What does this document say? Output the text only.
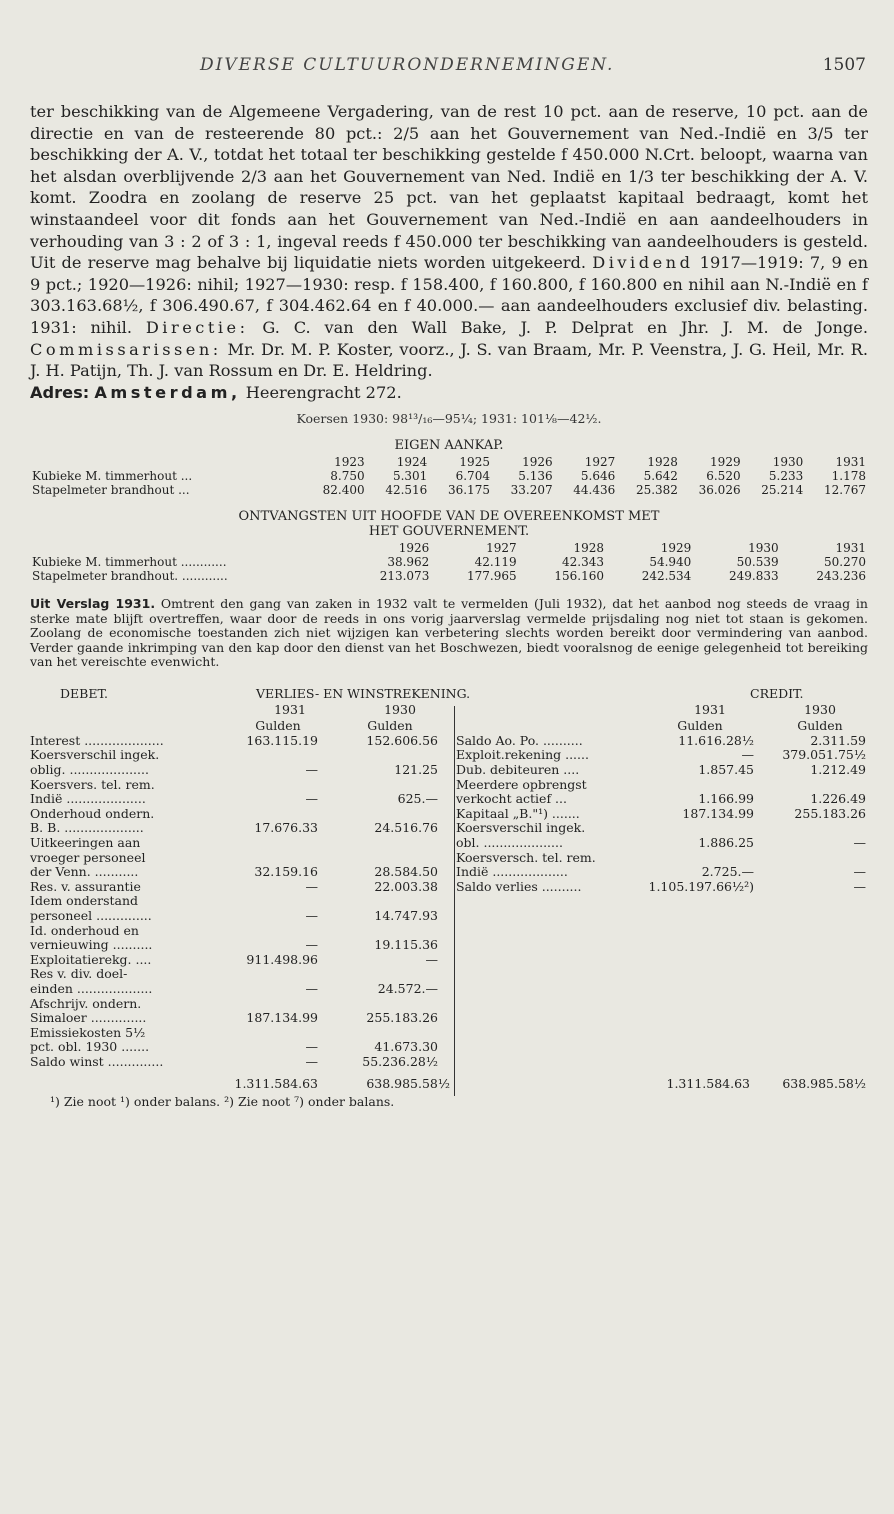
DIVERSE CULTUURONDERNEMINGEN.	1507
ter beschikking van de Algemeene Vergadering, van de rest 10 pct. aan de reserve, 10 pct. aan de directie en van de resteerende 80 pct.: 2/5 aan het Gouvernement van Ned.-Indië en 3/5 ter beschikking der A. V., totdat het totaal ter beschikking gestelde f 450.000 N.Crt. beloopt, waarna van het alsdan overblijvende 2/3 aan het Gouvernement van Ned. Indië en 1/3 ter beschikking der A. V. komt. Zoodra en zoolang de reserve 25 pct. van het geplaatst kapitaal bedraagt, komt het winstaandeel voor dit fonds aan het Gouvernement van Ned.-Indië en aan aandeelhouders in verhouding van 3 : 2 of 3 : 1, ingeval reeds f 450.000 ter beschikking van aandeelhouders is gesteld. Uit de reserve mag behalve bij liquidatie niets worden uitgekeerd. Dividend 1917—1919: 7, 9 en 9 pct.; 1920—1926: nihil; 1927—1930: resp. f 158.400, f 160.800, f 160.800 en nihil aan N.-Indië en f 303.163.68½, f 306.490.67, f 304.462.64 en f 40.000.— aan aandeelhouders exclusief div. belasting. 1931: nihil. Directie: G. C. van den Wall Bake, J. P. Delprat en Jhr. J. M. de Jonge. Commissarissen: Mr. Dr. M. P. Koster, voorz., J. S. van Braam, Mr. P. Veenstra, J. G. Heil, Mr. R. J. H. Patijn, Th. J. van Rossum en Dr. E. Heldring.
Adres: Amsterdam, Heerengracht 272.
Koersen 1930: 98¹³/₁₆—95¼; 1931: 101⅛—42½.
EIGEN AANKAP.
	1923	1924	1925	1926	1927	1928	1929	1930	1931
Kubieke M. timmerhout ...	8.750	5.301	6.704	5.136	5.646	5.642	6.520	5.233	1.178
Stapelmeter brandhout ...	82.400	42.516	36.175	33.207	44.436	25.382	36.026	25.214	12.767
ONTVANGSTEN UIT HOOFDE VAN DE OVEREENKOMST MET
HET GOUVERNEMENT.
	1926	1927	1928	1929	1930	1931
Kubieke M. timmerhout ............	38.962	42.119	42.343	54.940	50.539	50.270
Stapelmeter brandhout. ............	213.073	177.965	156.160	242.534	249.833	243.236
Uit Verslag 1931. Omtrent den gang van zaken in 1932 valt te vermelden (Juli 1932), dat het aanbod nog steeds de vraag in sterke mate blijft overtreffen, waar door de reeds in ons vorig jaarverslag vermelde prijsdaling nog niet tot staan is gekomen. Zoolang de economische toestanden zich niet wijzigen kan verbetering slechts worden bereikt door vermindering van aanbod. Verder gaande inkrimping van den kap door den dienst van het Boschwezen, biedt vooralsnog de eenige gelegenheid tot bereiking van het vereischte evenwicht.
DEBET.	VERLIES- EN WINSTREKENING.	CREDIT.
1931	1930
Gulden	Gulden
1931	1930
Gulden	Gulden
Interest ....................	163.115.19	152.606.56
Koersverschil ingek.
oblig. ....................	—	121.25
Koersvers. tel. rem.
Indië ....................	—	625.—
Onderhoud ondern.
B. B. ....................	17.676.33	24.516.76
Uitkeeringen aan
vroeger personeel
der Venn. ...........	32.159.16	28.584.50
Res. v. assurantie	—	22.003.38
Idem onderstand
personeel ..............	—	14.747.93
Id. onderhoud en
vernieuwing ..........	—	19.115.36
Exploitatierekg. ....	911.498.96	—
Res v. div. doel-
einden ...................	—	24.572.—
Afschrijv. ondern.
Simaloer ..............	187.134.99	255.183.26
Emissiekosten 5½
pct. obl. 1930 .......	—	41.673.30
Saldo winst ..............	—	55.236.28½
Saldo Ao. Po. ..........	11.616.28½	2.311.59
Exploit.rekening ......	—	379.051.75½
Dub. debiteuren ....	1.857.45	1.212.49
Meerdere opbrengst
verkocht actief ...	1.166.99	1.226.49
Kapitaal „B."¹) .......	187.134.99	255.183.26
Koersverschil ingek.
obl. ....................	1.886.25	—
Koersversch. tel. rem.
Indië ...................	2.725.—	—
Saldo verlies ..........	1.105.197.66½²)	—
1.311.584.63	638.985.58½	1.311.584.63	638.985.58½
¹) Zie noot ¹) onder balans. ²) Zie noot ⁷) onder balans.
